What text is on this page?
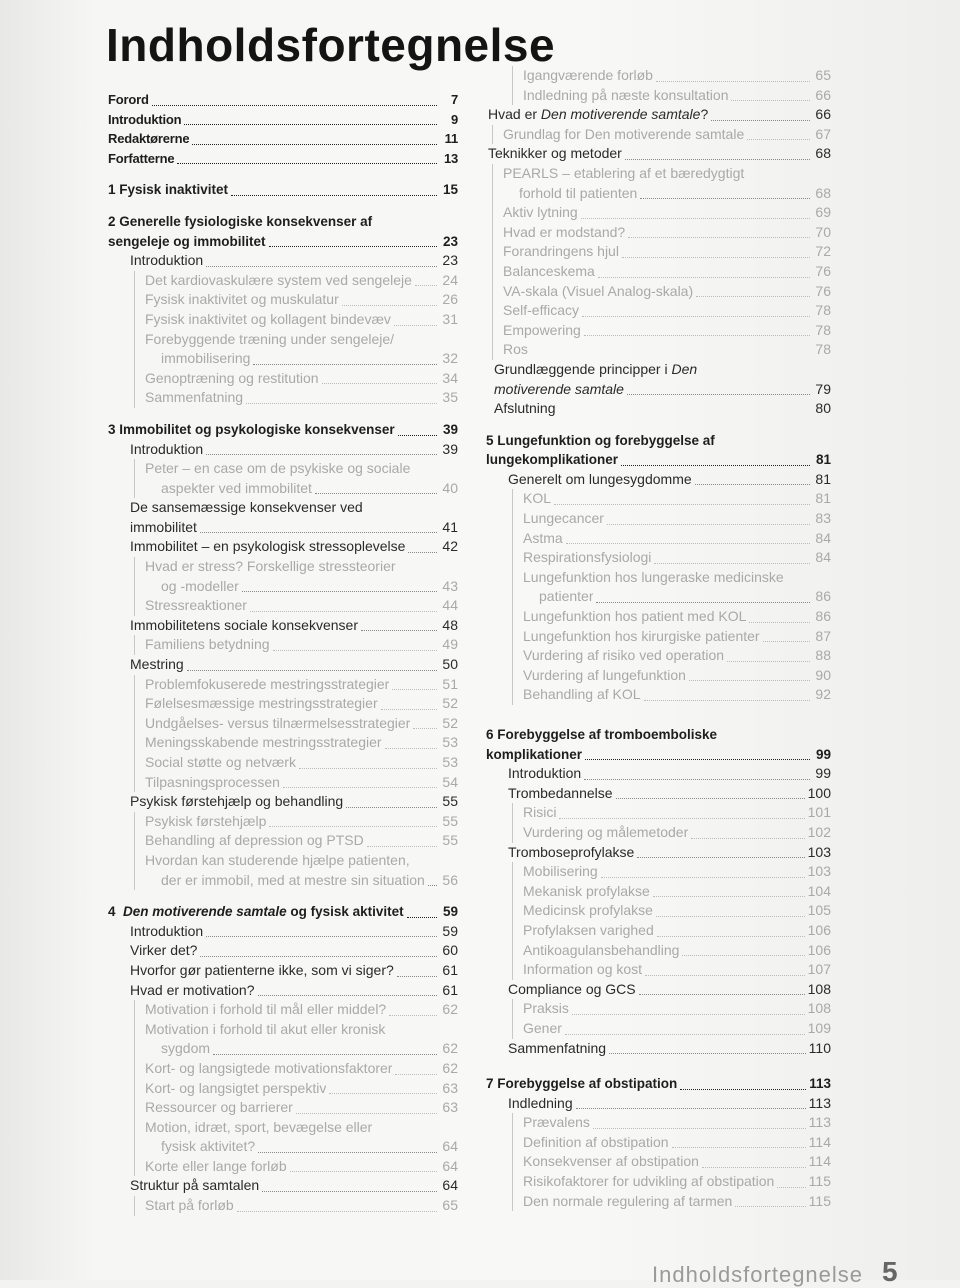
Indholdsfortegnelse
Forord	7
Introduktion	9
Redaktørerne	11
Forfatterne	13
1 Fysisk inaktivitet	15
2 Generelle fysiologiske konsekvenser af
sengeleje og immobilitet	23
Introduktion	23
Det kardiovaskulære system ved sengeleje 24
Fysisk inaktivitet og muskulatur	26
Fysisk inaktivitet og kollagent bindevæv	31
Forebyggende træning under sengeleje/
immobilisering	32
Genoptræning og restitution	34
Sammenfatning	35
3 Immobilitet og psykologiske konsekvenser	39
Introduktion	39
Peter – en case om de psykiske og sociale
aspekter ved immobilitet	40
De sansemæssige konsekvenser ved
immobilitet	41
Immobilitet – en psykologisk stressoplevelse	42
Hvad er stress? Forskellige stressteorier
og -modeller	43
Stressreaktioner	44
Immobilitetens sociale konsekvenser	48
Familiens betydning	49
Mestring	50
Problemfokuserede mestringsstrategier	51
Følelsesmæssige mestringsstrategier	52
Undgåelses- versus tilnærmelsesstrategier 52
Meningsskabende mestringsstrategier	53
Social støtte og netværk	53
Tilpasningsprocessen	54
Psykisk førstehjælp og behandling	55
Psykisk førstehjælp	55
Behandling af depression og PTSD	55
Hvordan kan studerende hjælpe patienten,
der er immobil, med at mestre sin situation 56
4 Den motiverende samtale og fysisk aktivitet	59
Introduktion	59
Virker det?	60
Hvorfor gør patienterne ikke, som vi siger?	61
Hvad er motivation?	61
Motivation i forhold til mål eller middel?	62
Motivation i forhold til akut eller kronisk
sygdom	62
Kort- og langsigtede motivationsfaktorer	62
Kort- og langsigtet perspektiv	63
Ressourcer og barrierer	63
Motion, idræt, sport, bevægelse eller
fysisk aktivitet?	64
Korte eller lange forløb	64
Struktur på samtalen	64
Start på forløb	65
Igangværende forløb	65
Indledning på næste konsultation	66
Hvad er Den motiverende samtale?	66
Grundlag for Den motiverende samtale	67
Teknikker og metoder	68
PEARLS – etablering af et bæredygtigt
forhold til patienten	68
Aktiv lytning	69
Hvad er modstand?	70
Forandringens hjul	72
Balanceskema	76
VA-skala (Visuel Analog-skala)	76
Self-efficacy	78
Empowering	78
Ros	78
Grundlæggende principper i Den
motiverende samtale	79
Afslutning	80
5 Lungefunktion og forebyggelse af
lungekomplikationer	81
Generelt om lungesygdomme	81
KOL	81
Lungecancer	83
Astma	84
Respirationsfysiologi	84
Lungefunktion hos lungeraske medicinske
patienter	86
Lungefunktion hos patient med KOL	86
Lungefunktion hos kirurgiske patienter	87
Vurdering af risiko ved operation	88
Vurdering af lungefunktion	90
Behandling af KOL	92
6 Forebyggelse af tromboemboliske
komplikationer	99
Introduktion	99
Trombedannelse	100
Risici	101
Vurdering og målemetoder	102
Tromboseprofylakse	103
Mobilisering	103
Mekanisk profylakse	104
Medicinsk profylakse	105
Profylaksen varighed	106
Antikoagulansbehandling	106
Information og kost	107
Compliance og GCS	108
Praksis	108
Gener	109
Sammenfatning	110
7 Forebyggelse af obstipation	113
Indledning	113
Prævalens	113
Definition af obstipation	114
Konsekvenser af obstipation	114
Risikofaktorer for udvikling af obstipation 115
Den normale regulering af tarmen	115
Indholdsfortegnelse 5
